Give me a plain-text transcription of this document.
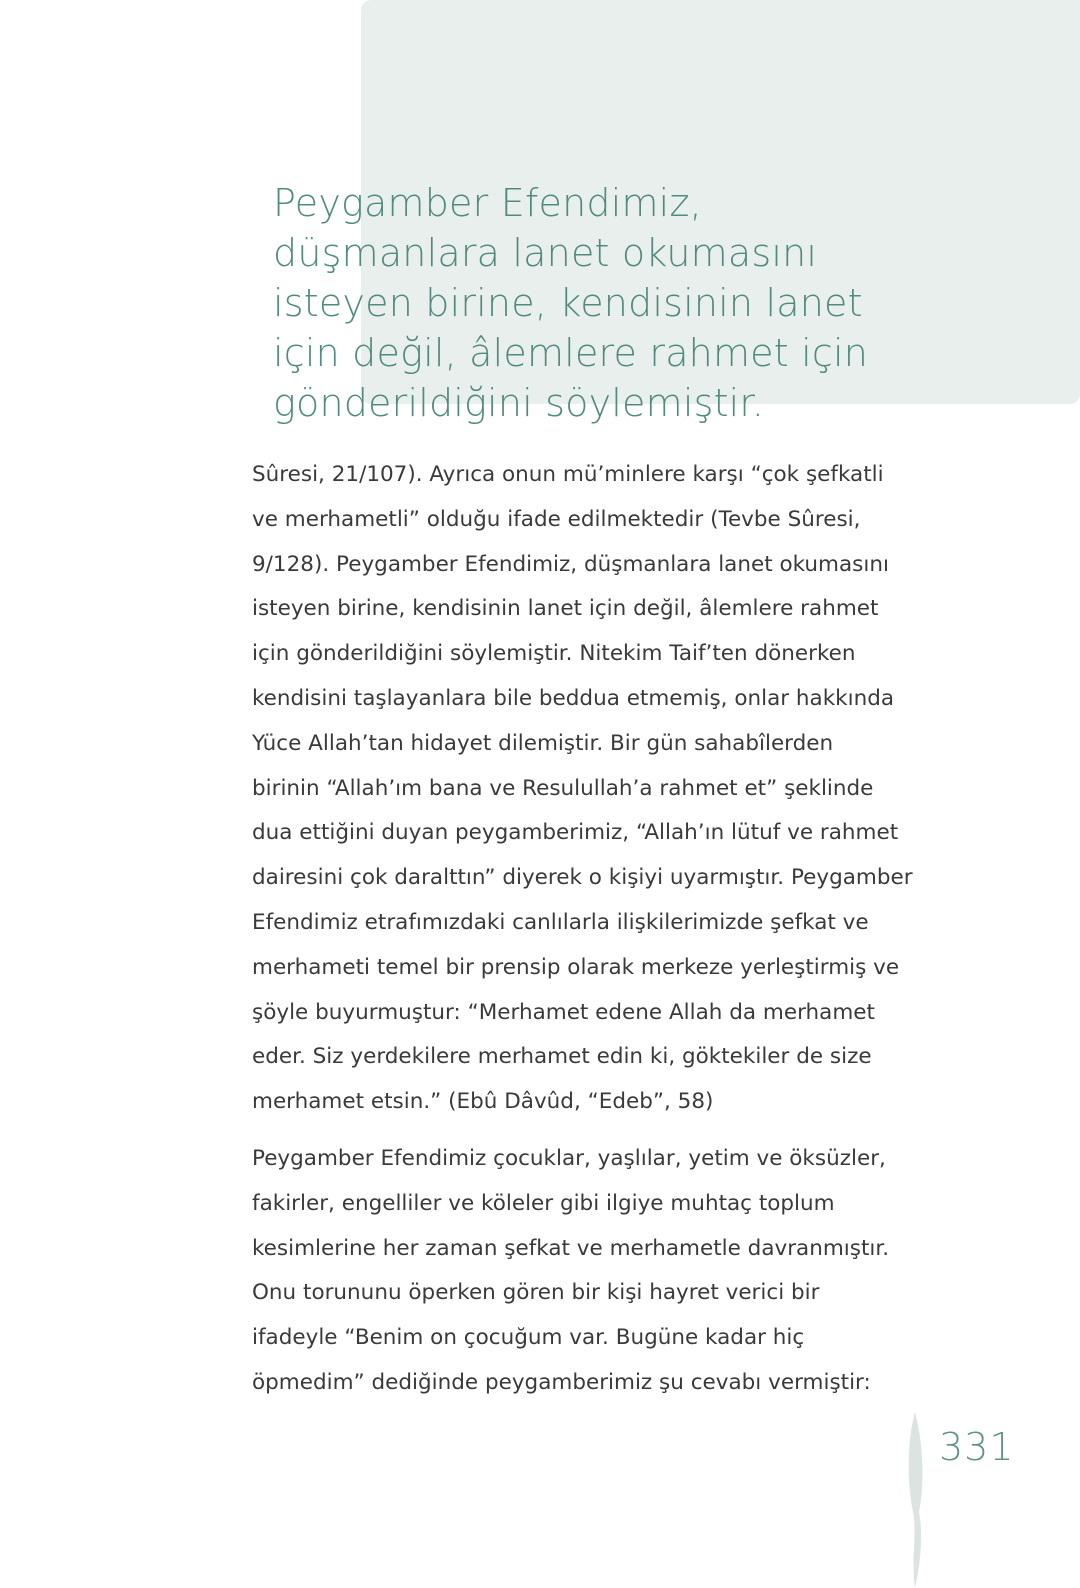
Peygamber Efendimiz,
düşmanlara lanet okumasını
isteyen birine, kendisinin lanet
için değil, âlemlere rahmet için
gönderildiğini söylemiştir.
Sûresi, 21/107). Ayrıca onun mü’minlere karşı “çok şefkatli
ve merhametli” olduğu ifade edilmektedir (Tevbe Sûresi,
9/128). Peygamber Efendimiz, düşmanlara lanet okumasını
isteyen birine, kendisinin lanet için değil, âlemlere rahmet
için gönderildiğini söylemiştir. Nitekim Taif’ten dönerken
kendisini taşlayanlara bile beddua etmemiş, onlar hakkında
Yüce Allah’tan hidayet dilemiştir. Bir gün sahabîlerden
birinin “Allah’ım bana ve Resulullah’a rahmet et” şeklinde
dua ettiğini duyan peygamberimiz, “Allah’ın lütuf ve rahmet
dairesini çok daralttın” diyerek o kişiyi uyarmıştır. Peygamber
Efendimiz etrafımızdaki canlılarla ilişkilerimizde şefkat ve
merhameti temel bir prensip olarak merkeze yerleştirmiş ve
şöyle buyurmuştur: “Merhamet edene Allah da merhamet
eder. Siz yerdekilere merhamet edin ki, göktekiler de size
merhamet etsin.” (Ebû Dâvûd, “Edeb”, 58)
Peygamber Efendimiz çocuklar, yaşlılar, yetim ve öksüzler,
fakirler, engelliler ve köleler gibi ilgiye muhtaç toplum
kesimlerine her zaman şefkat ve merhametle davranmıştır.
Onu torununu öperken gören bir kişi hayret verici bir
ifadeyle “Benim on çocuğum var. Bugüne kadar hiç
öpmedim” dediğinde peygamberimiz şu cevabı vermiştir:
331
